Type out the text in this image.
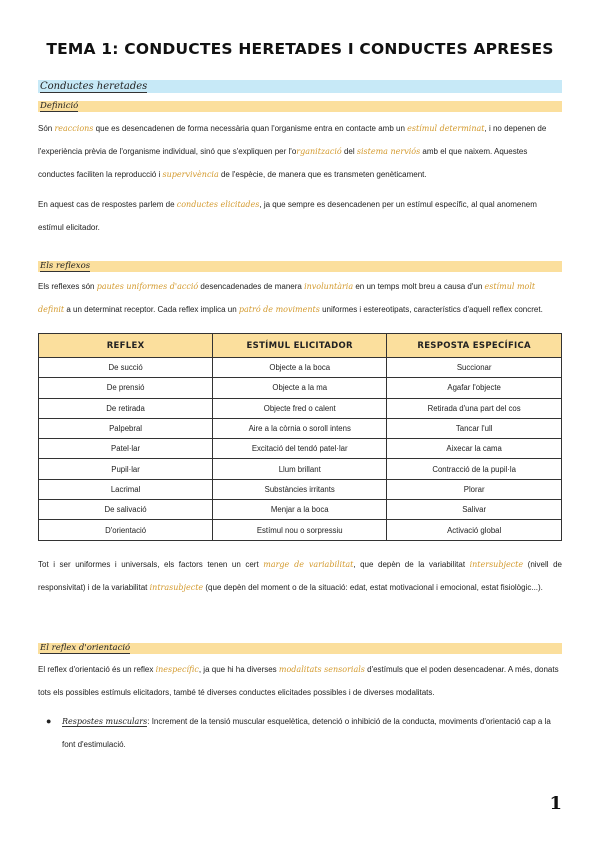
TEMA 1: CONDUCTES HERETADES I CONDUCTES APRESES
Conductes heretades
Definició

Són reaccions que es desencadenen de forma necessària quan l'organisme entra en contacte amb un estímul determinat, i no depenen de l'experiència prèvia de l'organisme individual, sinó que s'expliquen per l'organització del sistema nerviós amb el que naixem. Aquestes conductes faciliten la reproducció i supervivència de l'espècie, de manera que es transmeten genèticament.

En aquest cas de respostes parlem de conductes elicitades, ja que sempre es desencadenen per un estímul específic, al qual anomenem estímul elicitador.

Els reflexos

Els reflexes són pautes uniformes d'acció desencadenades de manera involuntària en un temps molt breu a causa d'un estímul molt definit a un determinat receptor. Cada reflex implica un patró de moviments uniformes i estereotipats, característics d'aquell reflex concret.

REFLEX	ESTÍMUL ELICITADOR	RESPOSTA ESPECÍFICA
De succió	Objecte a la boca	Succionar
De prensió	Objecte a la ma	Agafar l'objecte
De retirada	Objecte fred o calent	Retirada d'una part del cos
Palpebral	Aire a la còrnia o soroll intens	Tancar l'ull
Patel·lar	Excitació del tendó patel·lar	Aixecar la cama
Pupil·lar	Llum brillant	Contracció de la pupil·la
Lacrimal	Substàncies irritants	Plorar
De salivació	Menjar a la boca	Salivar
D'orientació	Estímul nou o sorpressiu	Activació global

Tot i ser uniformes i universals, els factors tenen un cert marge de variabilitat, que depèn de la variabilitat intersubjecte (nivell de responsivitat) i de la variabilitat intrasubjecte (que depèn del moment o de la situació: edat, estat motivacional i emocional, estat fisiològic...).

El reflex d'orientació

El reflex d'orientació és un reflex inespecífic, ja que hi ha diverses modalitats sensorials d'estímuls que el poden desencadenar. A més, donats tots els possibles estímuls elicitadors, també té diverses conductes elicitades possibles i de diverses modalitats.

● Respostes musculars: Increment de la tensió muscular esquelètica, detenció o inhibició de la conducta, moviments d'orientació cap a la font d'estimulació.
1
